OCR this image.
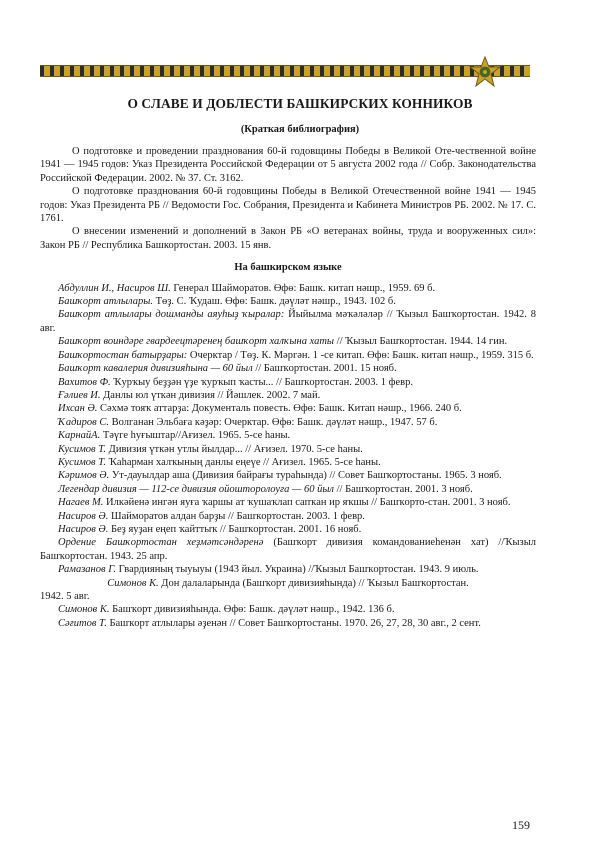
О СЛАВЕ И ДОБЛЕСТИ БАШКИРСКИХ КОННИКОВ
(Краткая библиография)

О подготовке и проведении празднования 60-й годовщины Победы в Великой Оте-чественной войне 1941 — 1945 годов: Указ Президента Российской Федерации от 5 августа 2002 года // Собр. Законодательства Российской Федерации. 2002. № 37. Ст. 3162.

О подготовке празднования 60-й годовщины Победы в Великой Отечественной войне 1941 — 1945 годов: Указ Президента РБ // Ведомости Гос. Собрания, Президента и Кабинета Министров РБ. 2002. № 17. С. 1761.

О внесении изменений и дополнений в Закон РБ «О ветеранах войны, труда и вооруженных сил»: Закон РБ // Республика Башкортостан. 2003. 15 янв.

На башкирском языке

Абдуллин И., Насиров Ш. Генерал Шайморатов. Өфө: Башк. китап нәшр., 1959. 69 б.

Башҡорт атлылары. Төҙ. С. Ҡудаш. Өфө: Башк. дәүләт нәшр., 1943. 102 б.

Башҡорт атлылары дошманды аяуһыҙ ҡыралар: Йыйылма мәҡәләләр // Ҡызыл Башҡортостан. 1942. 8 авг.

Башҡорт воиндәре гвардеецтәренең башҡорт халҡына хаты // Ҡызыл Башҡортостан. 1944. 14 гин.

Башҡортостан батырҙары: Очерктар / Төҙ. К. Мәргән. 1 -се китап. Өфө: Башк. китап нәшр., 1959. 315 б.

Башҡорт кавалерия дивизияһына — 60 йыл // Башҡортостан. 2001. 15 нояб.

Вахитов Ф. Ҡурҡыу беҙҙән үҙе ҡурҡып ҡасты... // Башҡортостан. 2003. 1 февр.

Ғәлиев И. Данлы юл үткән дивизия // Йәшлек. 2002. 7 май.

Ихсан Ә. Сәхмә тояҡ аттарҙа: Документаль повесть. Өфө: Башк. Китап нәшр., 1966. 240 б.

Ҡадиров С. Волганан Эльбаға кәҙәр: Очерктар. Өфө: Башк. дәүләт нәшр., 1947. 57 б.

КарнайА. Тәүге һуғыштар//Ағизел. 1965. 5-се һаны.

Кусимов Т. Дивизия үткән утлы йылдар... // Ағизел. 1970. 5-се һаны.

Кусимов Т. Ҡаһарман халҡының данлы еңеүе // Ағизел. 1965. 5-се һаны.

Кәримов Ә. Ут-дауылдар аша (Дивизия байрағы тураһында) // Совет Башҡортостаны. 1965. 3 нояб.

Легендар дивизия — 112-се дивизия ойошторолоуға — 60 йыл // Башҡортостан. 2001. 3 нояб.

Нагаев М. Илкәйенә ингән яуға ҡаршы ат ҡушаҡлап сапҡан ир яҡшы // Башҡорто-стан. 2001. 3 нояб.

Насиров Ә. Шайморатов алдан барҙы // Башҡортостан. 2003. 1 февр.

Насиров Ә. Беҙ яуҙан еңеп ҡайттыҡ // Башҡортостан. 2001. 16 нояб.

Ордение Башҡортостан хеҙмәтсәндәренә (Башҡорт дивизия командованиеһенән хат) //Ҡызыл Башҡортостан. 1943. 25 апр.

Рамазанов Г. Гвардияның тыуыуы (1943 йыл. Украина) //Ҡызыл Башҡортостан. 1943. 9 июль.

Симонов К. Дон далаларында (Башҡорт дивизияһында) // Ҡызыл Башҡортостан.

1942. 5 авг.

Симонов К. Башҡорт дивизияһында. Өфө: Башк. дәүләт нәшр., 1942. 136 б.

Сәғитов Т. Башҡорт атлылары әҙенән // Совет Башҡортостаны. 1970. 26, 27, 28, 30 авг., 2 сент.

159
